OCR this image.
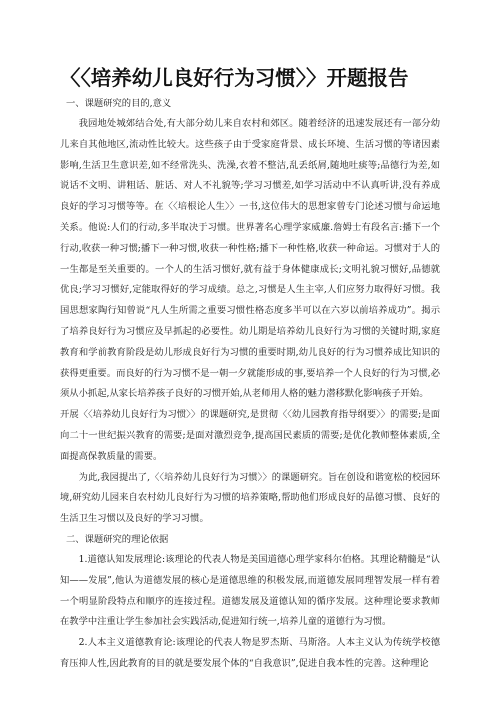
〈〈培养幼儿良好行为习惯〉〉开题报告

一、课题研究的目的,意义

我园地处城郊结合处,有大部分幼儿来自农村和郊区。随着经济的迅速发展还有一部分幼儿来自其他地区,流动性比较大。这些孩子由于受家庭背景、成长环境、生活习惯的等诸因素影响,生活卫生意识差,如不经常洗头、洗澡,衣着不整洁,乱丢纸屑,随地吐痰等;品德行为差,如说话不文明、讲粗话、脏话、对人不礼貌等;学习习惯差,如学习活动中不认真听讲,没有养成良好的学习习惯等等。在〈〈培根论人生〉〉一书,这位伟大的思想家曾专门论述习惯与命运地关系。他说:人们的行动,多半取决于习惯。世界著名心理学家威廉.詹姆士有段名言:播下一个行动,收获一种习惯;播下一种习惯,收获一种性格;播下一种性格,收获一种命运。习惯对于人的一生都是至关重要的。一个人的生活习惯好,就有益于身体健康成长;文明礼貌习惯好,品德就优良;学习习惯好,定能取得好的学习成绩。总之,习惯是人生主宰,人们应努力取得好习惯。我国思想家陶行知曾说“凡人生所需之重要习惯性格态度多半可以在六岁以前培养成功”。揭示了培养良好行为习惯应及早抓起的必要性。幼儿期是培养幼儿良好行为习惯的关键时期,家庭教育和学前教育阶段是幼儿形成良好行为习惯的重要时期,幼儿良好的行为习惯养成比知识的获得更重要。而良好的行为习惯不是一朝一夕就能形成的事,要培养一个人良好的行为习惯,必须从小抓起,从家长培养孩子良好的习惯开始,从老师用人格的魅力潜移默化影响孩子开始。

开展〈〈培养幼儿良好行为习惯〉〉的课题研究,是贯彻〈〈幼儿园教育指导纲要〉〉的需要;是面向二十一世纪振兴教育的需要;是面对激烈竞争,提高国民素质的需要;是优化教师整体素质,全面提高保教质量的需要。

为此,我园提出了,〈〈培养幼儿良好行为习惯〉〉的课题研究。旨在创设和谐宽松的校园环境,研究幼儿园来自农村幼儿良好行为习惯的培养策略,帮助他们形成良好的品德习惯、良好的生活卫生习惯以及良好的学习习惯。

二、课题研究的理论依据

1.道德认知发展理论:该理论的代表人物是美国道德心理学家科尔伯格。其理论精髓是“认知——发展”,他认为道德发展的核心是道德思维的积极发展,而道德发展同理智发展一样有着一个明显阶段特点和顺序的连接过程。道德发展及道德认知的循序发展。这种理论要求教师在教学中注重让学生参加社会实践活动,促进知行统一,培养儿童的道德行为习惯。

2.人本主义道德教育论:该理论的代表人物是罗杰斯、马斯洛。人本主义认为传统学校德育压抑人性,因此教育的目的就是要发展个体的“自我意识”,促进自我本性的完善。这种理论
